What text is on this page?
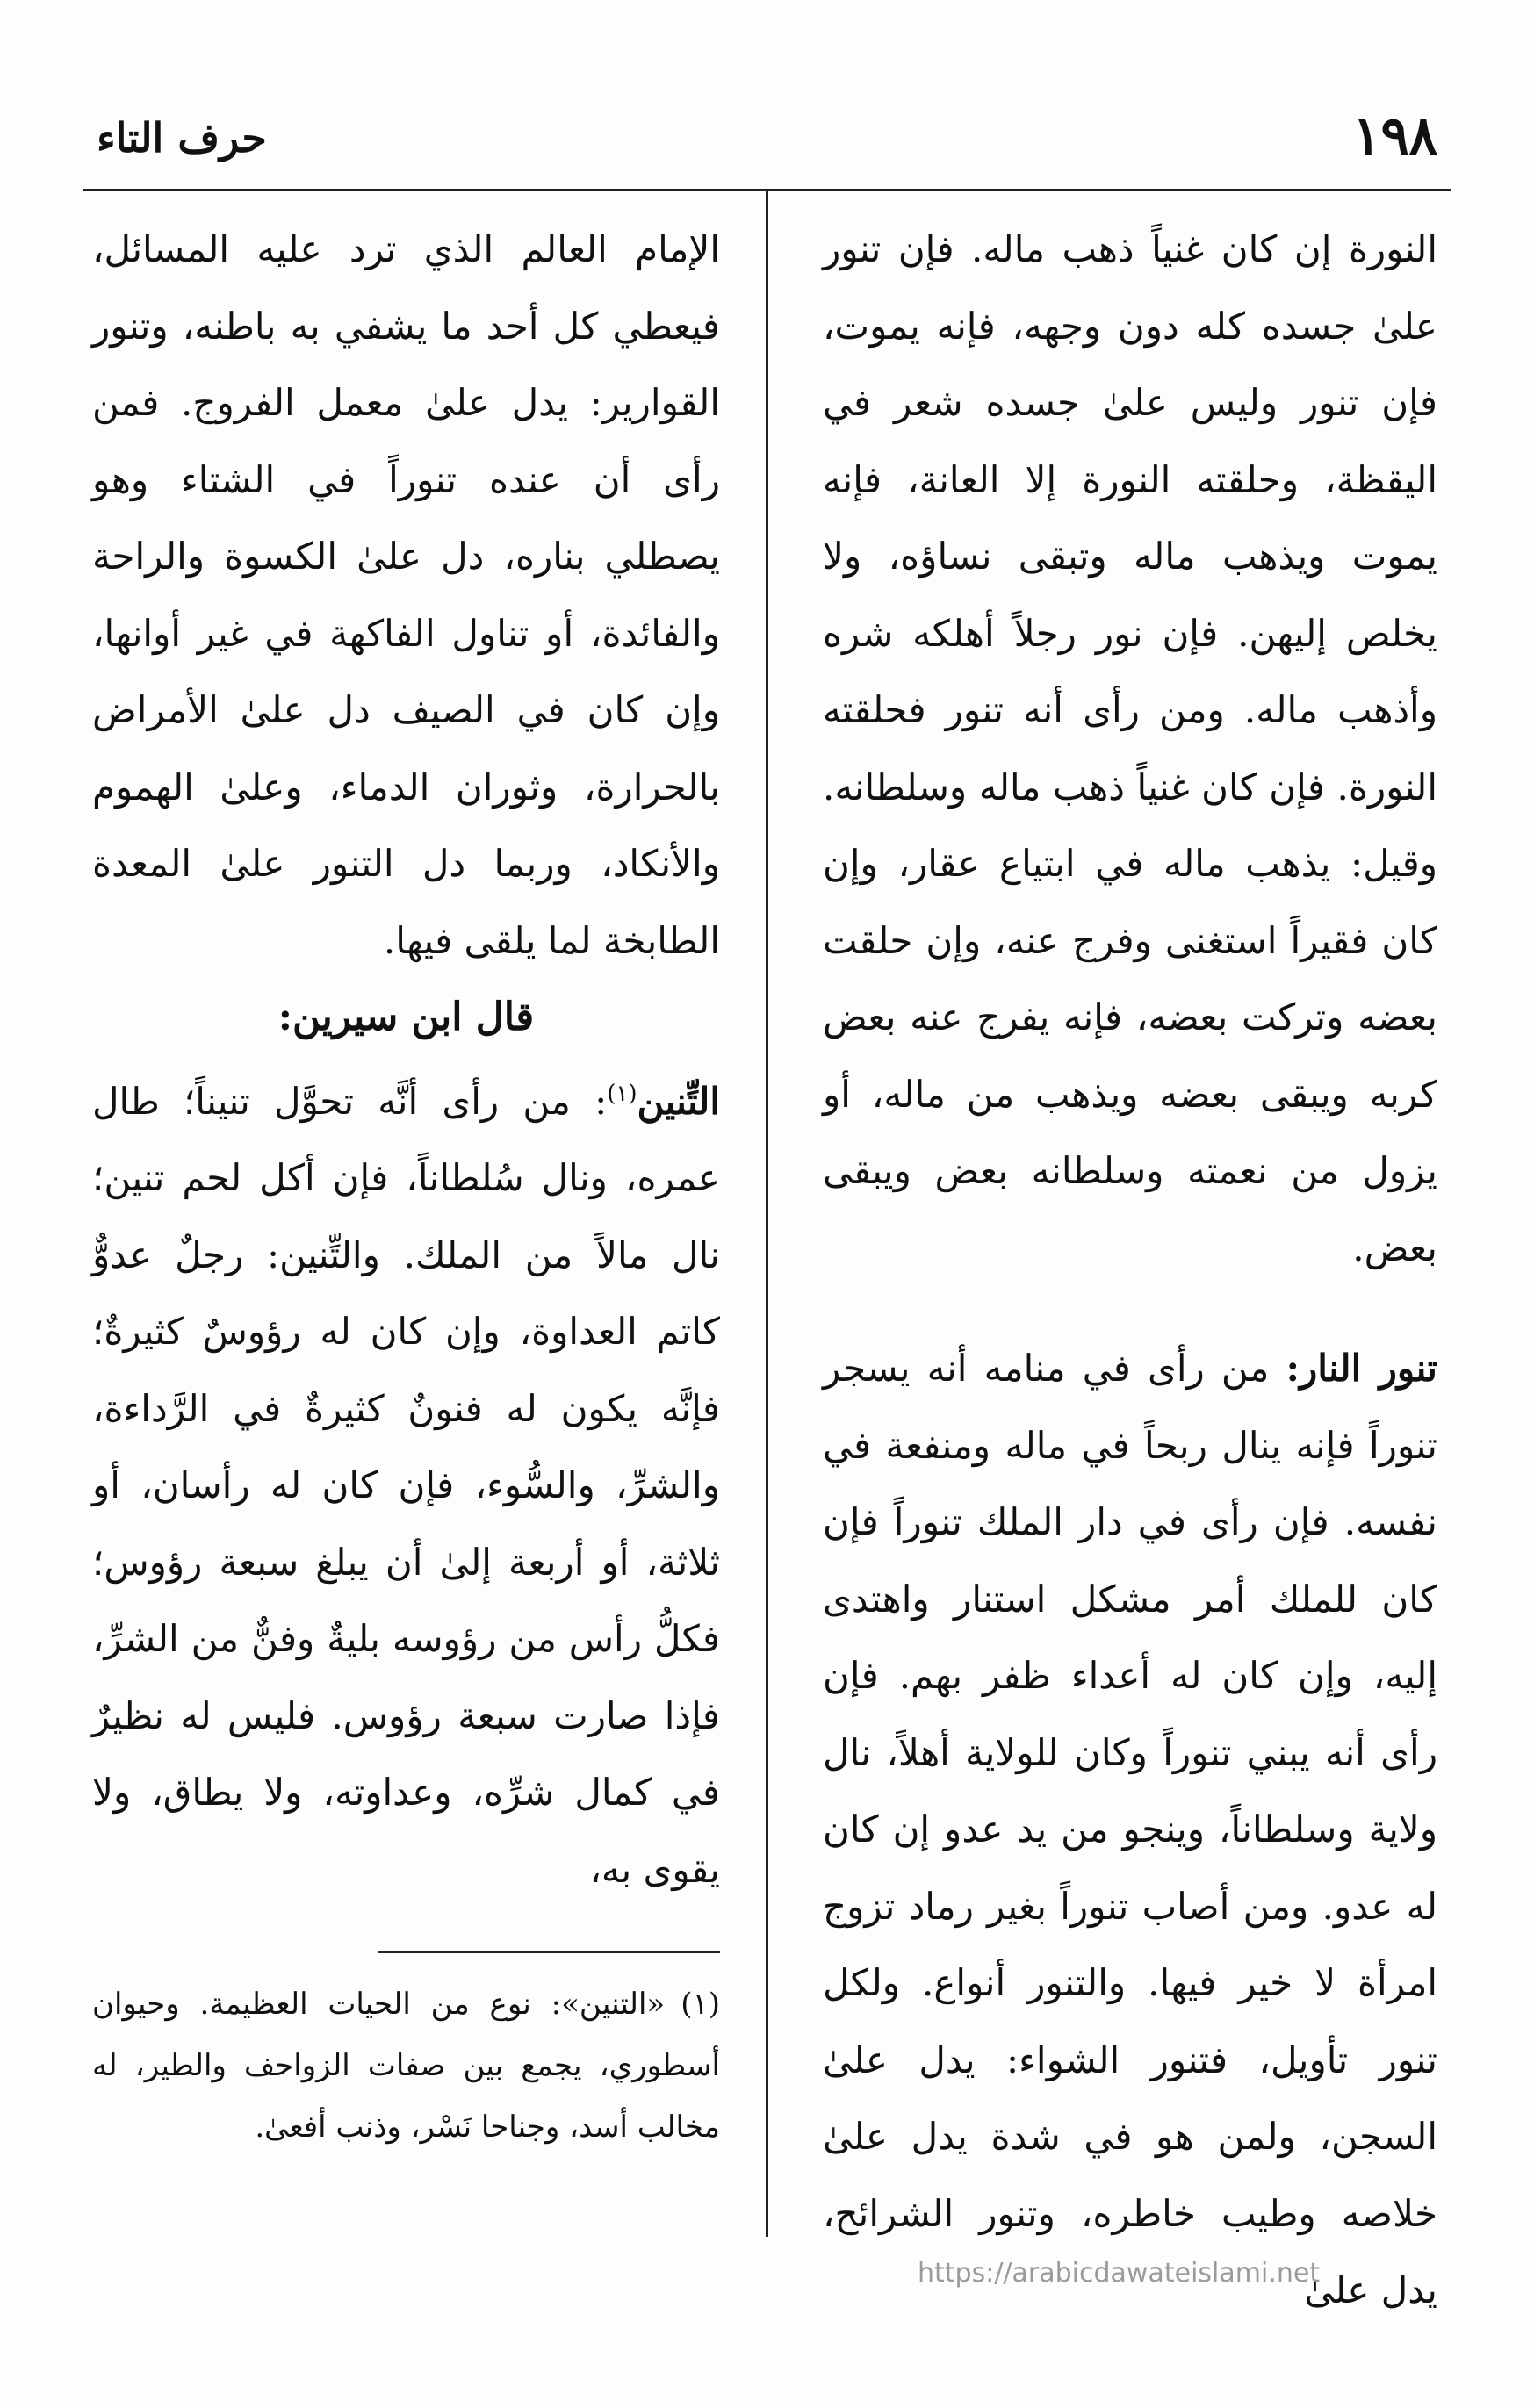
١٩٨
حرف التاء

النورة إن كان غنياً ذهب ماله. فإن تنور علىٰ جسده كله دون وجهه، فإنه يموت، فإن تنور وليس علىٰ جسده شعر في اليقظة، وحلقته النورة إلا العانة، فإنه يموت ويذهب ماله وتبقى نساؤه، ولا يخلص إليهن. فإن نور رجلاً أهلكه شره وأذهب ماله. ومن رأى أنه تنور فحلقته النورة. فإن كان غنياً ذهب ماله وسلطانه. وقيل: يذهب ماله في ابتياع عقار، وإن كان فقيراً استغنى وفرج عنه، وإن حلقت بعضه وتركت بعضه، فإنه يفرج عنه بعض كربه ويبقى بعضه ويذهب من ماله، أو يزول من نعمته وسلطانه بعض ويبقى بعض.

تنور النار: من رأى في منامه أنه يسجر تنوراً فإنه ينال ربحاً في ماله ومنفعة في نفسه. فإن رأى في دار الملك تنوراً فإن كان للملك أمر مشكل استنار واهتدى إليه، وإن كان له أعداء ظفر بهم. فإن رأى أنه يبني تنوراً وكان للولاية أهلاً، نال ولاية وسلطاناً، وينجو من يد عدو إن كان له عدو. ومن أصاب تنوراً بغير رماد تزوج امرأة لا خير فيها. والتنور أنواع. ولكل تنور تأويل، فتنور الشواء: يدل علىٰ السجن، ولمن هو في شدة يدل علىٰ خلاصه وطيب خاطره، وتنور الشرائح، يدل علىٰ

الإمام العالم الذي ترد عليه المسائل، فيعطي كل أحد ما يشفي به باطنه، وتنور القوارير: يدل علىٰ معمل الفروج. فمن رأى أن عنده تنوراً في الشتاء وهو يصطلي بناره، دل علىٰ الكسوة والراحة والفائدة، أو تناول الفاكهة في غير أوانها، وإن كان في الصيف دل علىٰ الأمراض بالحرارة، وثوران الدماء، وعلىٰ الهموم والأنكاد، وربما دل التنور علىٰ المعدة الطابخة لما يلقى فيها.

قال ابن سيرين:

التِّنين$^{(١)}$: من رأى أنَّه تحوَّل تنيناً؛ طال عمره، ونال سُلطاناً، فإن أكل لحم تنين؛ نال مالاً من الملك. والتِّنين: رجلٌ عدوٌّ كاتم العداوة، وإن كان له رؤوسٌ كثيرةٌ؛ فإنَّه يكون له فنونٌ كثيرةٌ في الرَّداءة، والشرِّ، والسُّوء، فإن كان له رأسان، أو ثلاثة، أو أربعة إلىٰ أن يبلغ سبعة رؤوس؛ فكلُّ رأس من رؤوسه بليةٌ وفنٌّ من الشرِّ، فإذا صارت سبعة رؤوس. فليس له نظيرٌ في كمال شرِّه، وعداوته، ولا يطاق، ولا يقوى به،

(١)«التنين»: نوع من الحيات العظيمة. وحيوان أسطوري، يجمع بين صفات الزواحف والطير، له مخالب أسد، وجناحا نَسْر، وذنب أفعىٰ.
https://arabicdawateislami.net
